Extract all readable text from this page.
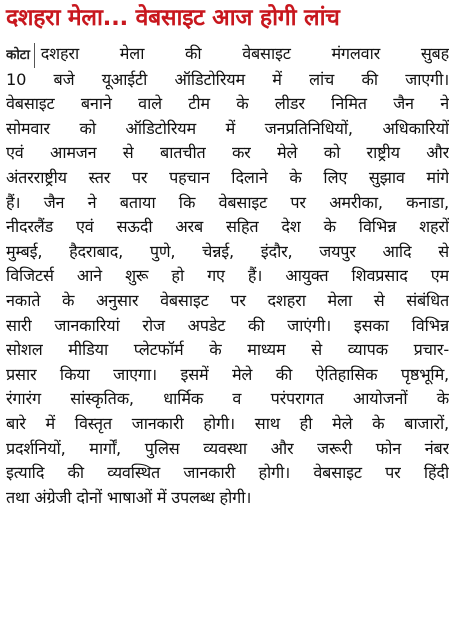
दशहरा मेला... वेबसाइट आज होगी लांच
कोटा दशहरा मेला की वेबसाइट मंगलवार सुबह
10 बजे यूआईटी ऑडिटोरियम में लांच की जाएगी।
वेबसाइट बनाने वाले टीम के लीडर निमित जैन ने
सोमवार को ऑडिटोरियम में जनप्रतिनिधियों, अधिकारियों
एवं आमजन से बातचीत कर मेले को राष्ट्रीय और
अंतरराष्ट्रीय स्तर पर पहचान दिलाने के लिए सुझाव मांगे
हैं। जैन ने बताया कि वेबसाइट पर अमरीका, कनाडा,
नीदरलैंड एवं सऊदी अरब सहित देश के विभिन्न शहरों
मुम्बई, हैदराबाद, पुणे, चेन्नई, इंदौर, जयपुर आदि से
विजिटर्स आने शुरू हो गए हैं। आयुक्त शिवप्रसाद एम
नकाते के अनुसार वेबसाइट पर दशहरा मेला से संबंधित
सारी जानकारियां रोज अपडेट की जाएंगी। इसका विभिन्न
सोशल मीडिया प्लेटफॉर्म के माध्यम से व्यापक प्रचार-
प्रसार किया जाएगा। इसमें मेले की ऐतिहासिक पृष्ठभूमि,
रंगारंग सांस्कृतिक, धार्मिक व परंपरागत आयोजनों के
बारे में विस्तृत जानकारी होगी। साथ ही मेले के बाजारों,
प्रदर्शनियों, मार्गों, पुलिस व्यवस्था और जरूरी फोन नंबर
इत्यादि की व्यवस्थित जानकारी होगी। वेबसाइट पर हिंदी
तथा अंग्रेजी दोनों भाषाओं में उपलब्ध होगी।
